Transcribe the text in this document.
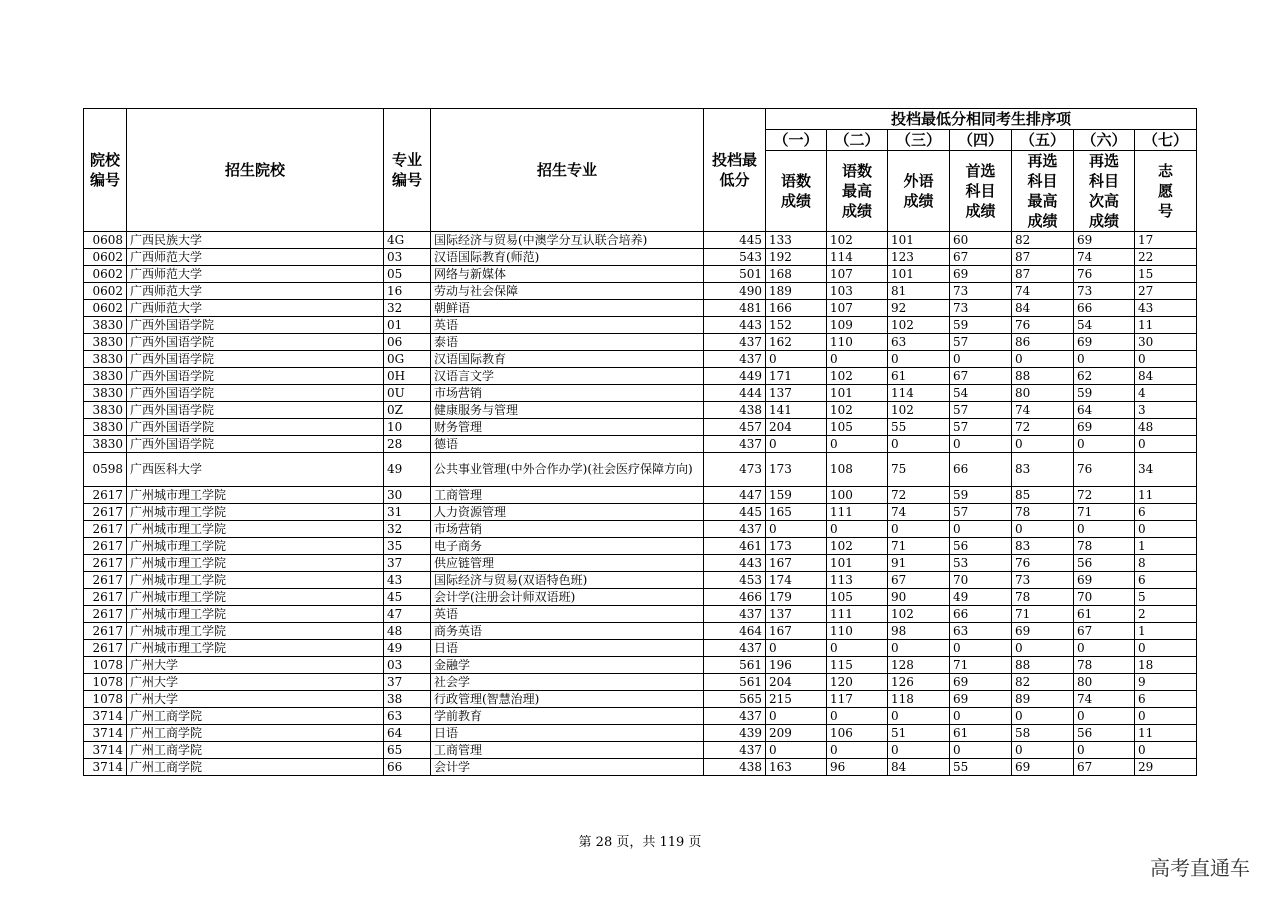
院校编号	招生院校	专业编号	招生专业	投档最低分	投档最低分相同考生排序项						
					（一）	（二）	（三）	（四）	（五）	（六）	（七）
					语数成绩	语数最高成绩	外语成绩	首选科目成绩	再选科目最高成绩	再选科目次高成绩	志愿号
0608	广西民族大学	4G	国际经济与贸易(中澳学分互认联合培养)	445	133	102	101	60	82	69	17
0602	广西师范大学	03	汉语国际教育(师范)	543	192	114	123	67	87	74	22
0602	广西师范大学	05	网络与新媒体	501	168	107	101	69	87	76	15
0602	广西师范大学	16	劳动与社会保障	490	189	103	81	73	74	73	27
0602	广西师范大学	32	朝鲜语	481	166	107	92	73	84	66	43
3830	广西外国语学院	01	英语	443	152	109	102	59	76	54	11
3830	广西外国语学院	06	泰语	437	162	110	63	57	86	69	30
3830	广西外国语学院	0G	汉语国际教育	437	0	0	0	0	0	0	0
3830	广西外国语学院	0H	汉语言文学	449	171	102	61	67	88	62	84
3830	广西外国语学院	0U	市场营销	444	137	101	114	54	80	59	4
3830	广西外国语学院	0Z	健康服务与管理	438	141	102	102	57	74	64	3
3830	广西外国语学院	10	财务管理	457	204	105	55	57	72	69	48
3830	广西外国语学院	28	德语	437	0	0	0	0	0	0	0
0598	广西医科大学	49	公共事业管理(中外合作办学)(社会医疗保障方向)	473	173	108	75	66	83	76	34
2617	广州城市理工学院	30	工商管理	447	159	100	72	59	85	72	11
2617	广州城市理工学院	31	人力资源管理	445	165	111	74	57	78	71	6
2617	广州城市理工学院	32	市场营销	437	0	0	0	0	0	0	0
2617	广州城市理工学院	35	电子商务	461	173	102	71	56	83	78	1
2617	广州城市理工学院	37	供应链管理	443	167	101	91	53	76	56	8
2617	广州城市理工学院	43	国际经济与贸易(双语特色班)	453	174	113	67	70	73	69	6
2617	广州城市理工学院	45	会计学(注册会计师双语班)	466	179	105	90	49	78	70	5
2617	广州城市理工学院	47	英语	437	137	111	102	66	71	61	2
2617	广州城市理工学院	48	商务英语	464	167	110	98	63	69	67	1
2617	广州城市理工学院	49	日语	437	0	0	0	0	0	0	0
1078	广州大学	03	金融学	561	196	115	128	71	88	78	18
1078	广州大学	37	社会学	561	204	120	126	69	82	80	9
1078	广州大学	38	行政管理(智慧治理)	565	215	117	118	69	89	74	6
3714	广州工商学院	63	学前教育	437	0	0	0	0	0	0	0
3714	广州工商学院	64	日语	439	209	106	51	61	58	56	11
3714	广州工商学院	65	工商管理	437	0	0	0	0	0	0	0
3714	广州工商学院	66	会计学	438	163	96	84	55	69	67	29
第 28 页，共 119 页
高考直通车
